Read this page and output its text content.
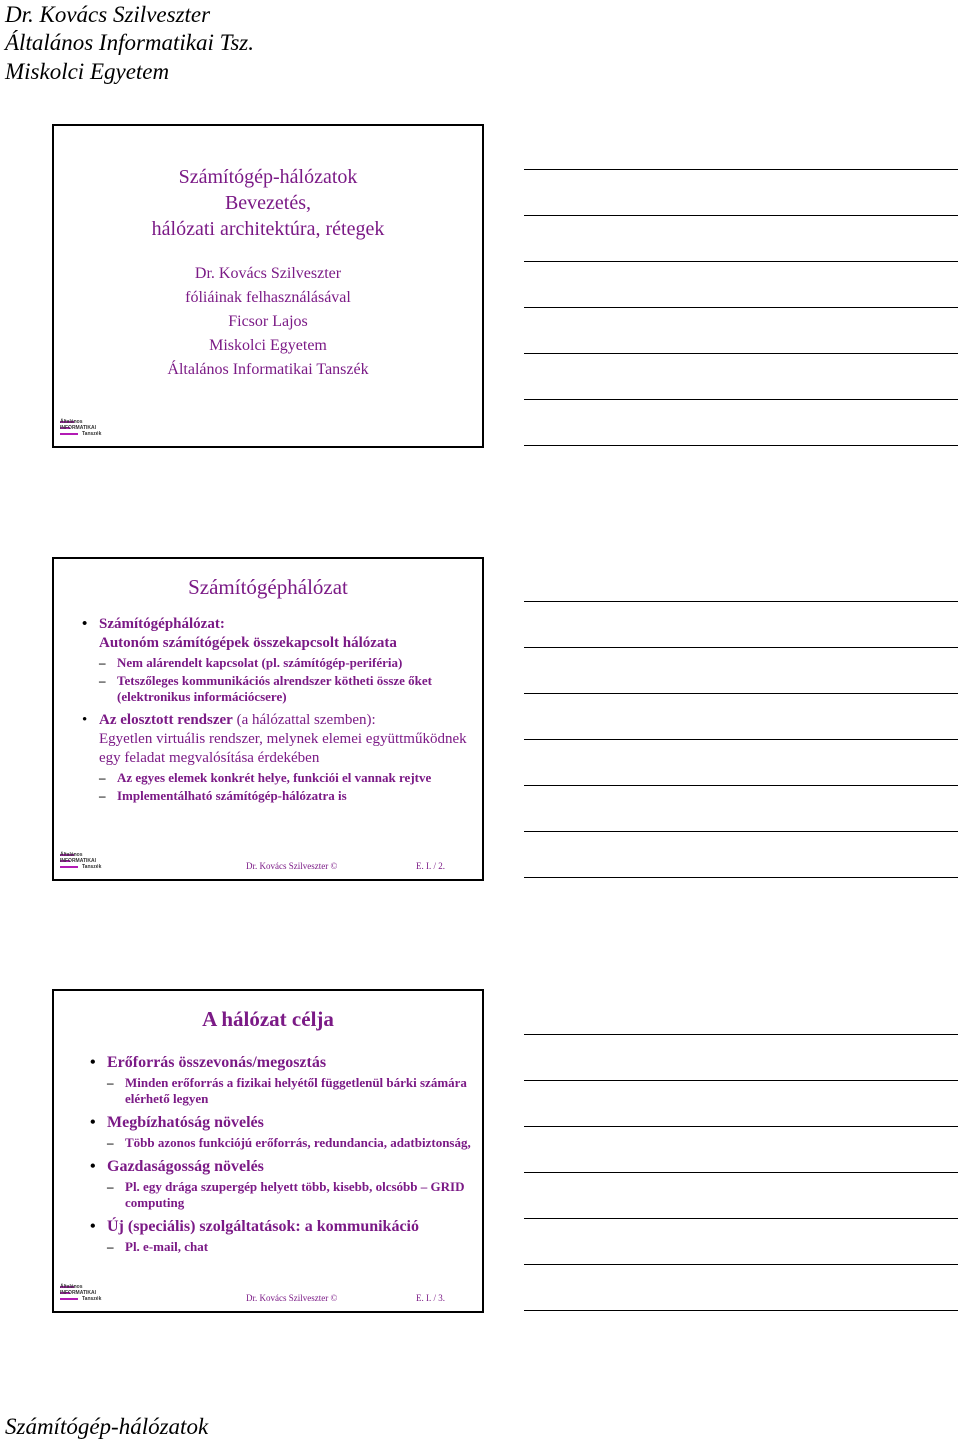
Dr. Kovács Szilveszter
Általános Informatikai Tsz.
Miskolci Egyetem
Számítógép-hálózatok
Bevezetés,
hálózati architektúra, rétegek
Dr. Kovács Szilveszter
fóliáinak felhasználásával
Ficsor Lajos
Miskolci Egyetem
Általános Informatikai Tanszék
Általános
INFORMATIKAI
Tanszék
Számítógéphálózat
• Számítógéphálózat:
Autonóm számítógépek összekapcsolt hálózata
– Nem alárendelt kapcsolat (pl. számítógép-periféria)
– Tetszőleges kommunikációs alrendszer kötheti össze őket (elektronikus információcsere)
• Az elosztott rendszer (a hálózattal szemben):
Egyetlen virtuális rendszer, melynek elemei együttműködnek egy feladat megvalósítása érdekében
– Az egyes elemek konkrét helye, funkciói el vannak rejtve
– Implementálható számítógép-hálózatra is
Általános
INFORMATIKAI
Tanszék	Dr. Kovács Szilveszter ©	E. I. / 2.
A hálózat célja
• Erőforrás összevonás/megosztás
– Minden erőforrás a fizikai helyétől függetlenül bárki számára elérhető legyen
• Megbízhatóság növelés
– Több azonos funkciójú erőforrás, redundancia, adatbiztonság,
• Gazdaságosság növelés
– Pl. egy drága szupergép helyett több, kisebb, olcsóbb – GRID computing
• Új (speciális) szolgáltatások: a kommunikáció
– Pl. e-mail, chat
Általános
INFORMATIKAI
Tanszék	Dr. Kovács Szilveszter ©	E. I. / 3.
Számítógép-hálózatok
